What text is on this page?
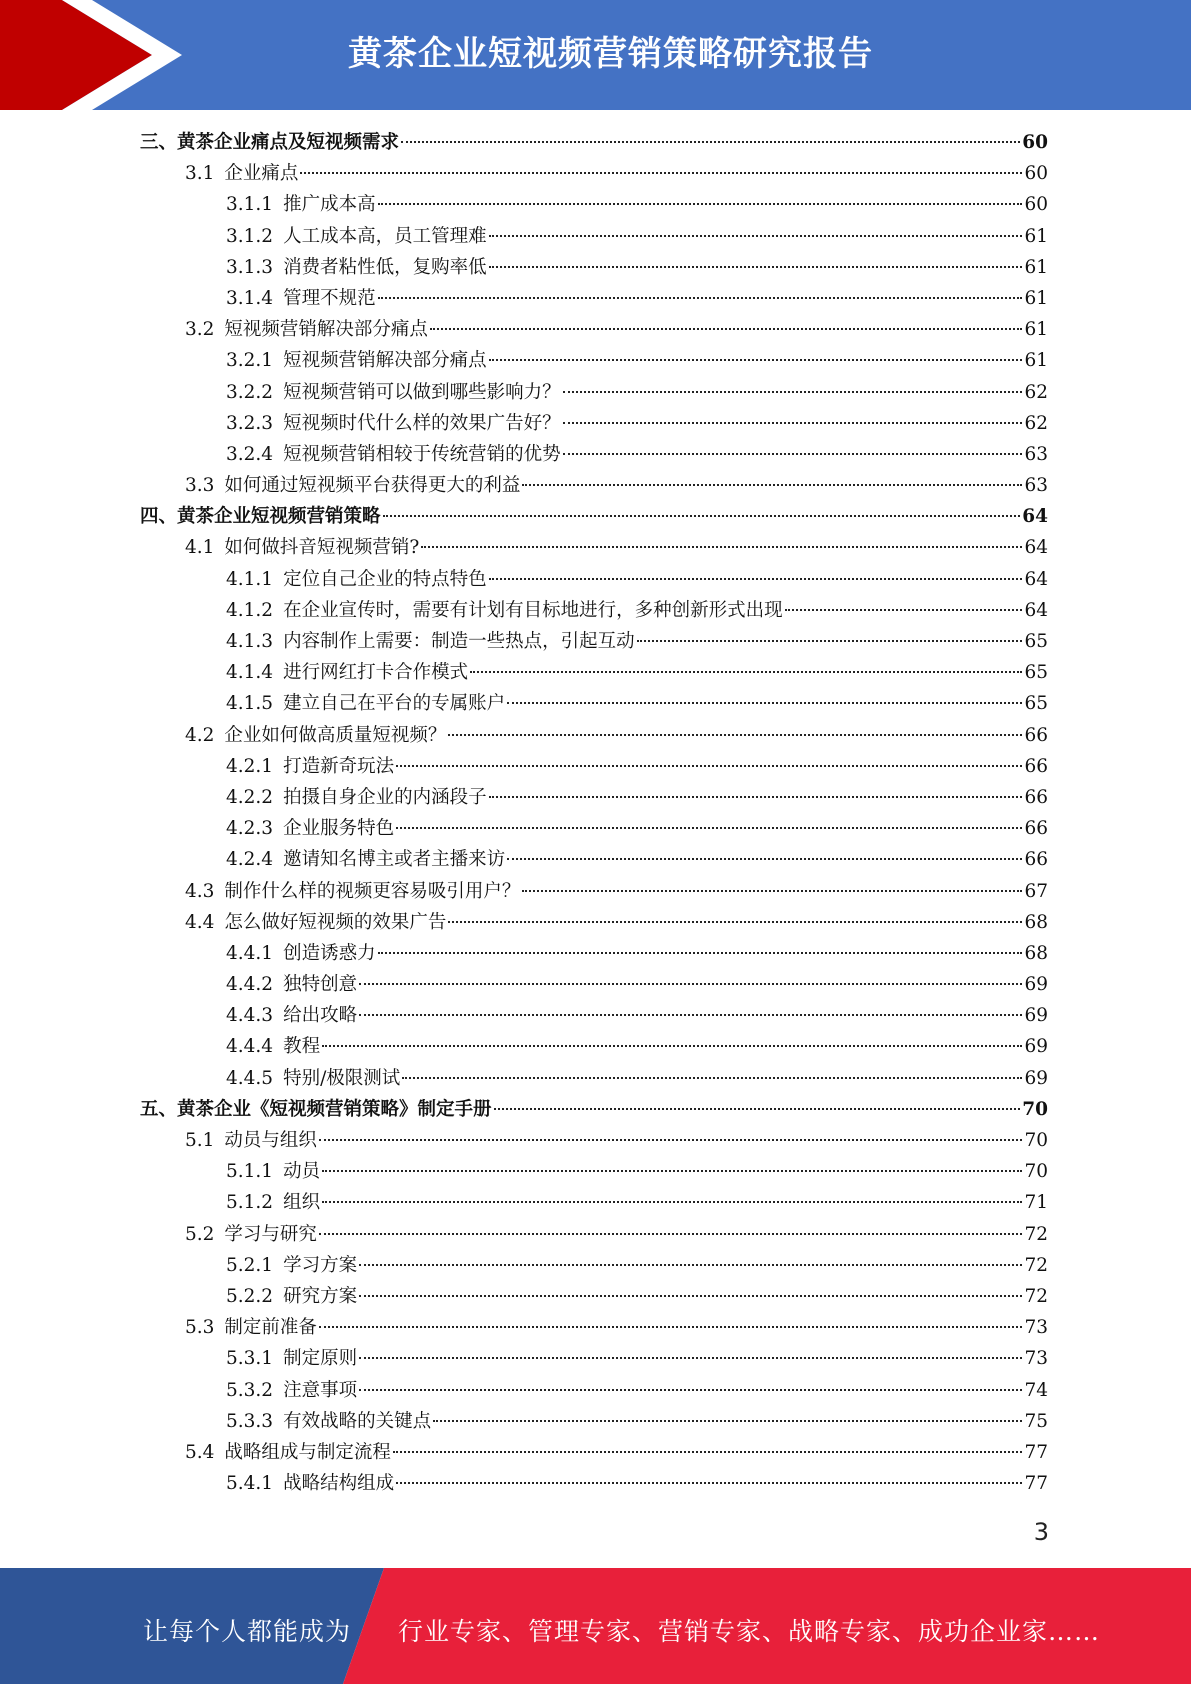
黄茶企业短视频营销策略研究报告
三、黄茶企业痛点及短视频需求	60
3.1 企业痛点	60
3.1.1 推广成本高	60
3.1.2 人工成本高，员工管理难	61
3.1.3 消费者粘性低，复购率低	61
3.1.4 管理不规范	61
3.2 短视频营销解决部分痛点	61
3.2.1 短视频营销解决部分痛点	61
3.2.2 短视频营销可以做到哪些影响力？	62
3.2.3 短视频时代什么样的效果广告好？	62
3.2.4 短视频营销相较于传统营销的优势	63
3.3 如何通过短视频平台获得更大的利益	63
四、黄茶企业短视频营销策略	64
4.1 如何做抖音短视频营销?	64
4.1.1 定位自己企业的特点特色	64
4.1.2 在企业宣传时，需要有计划有目标地进行，多种创新形式出现	64
4.1.3 内容制作上需要：制造一些热点，引起互动	65
4.1.4 进行网红打卡合作模式	65
4.1.5 建立自己在平台的专属账户	65
4.2 企业如何做高质量短视频？	66
4.2.1 打造新奇玩法	66
4.2.2 拍摄自身企业的内涵段子	66
4.2.3 企业服务特色	66
4.2.4 邀请知名博主或者主播来访	66
4.3 制作什么样的视频更容易吸引用户？	67
4.4 怎么做好短视频的效果广告	68
4.4.1 创造诱惑力	68
4.4.2 独特创意	69
4.4.3 给出攻略	69
4.4.4 教程	69
4.4.5 特别/极限测试	69
五、黄茶企业《短视频营销策略》制定手册	70
5.1 动员与组织	70
5.1.1 动员	70
5.1.2 组织	71
5.2 学习与研究	72
5.2.1 学习方案	72
5.2.2 研究方案	72
5.3 制定前准备	73
5.3.1 制定原则	73
5.3.2 注意事项	74
5.3.3 有效战略的关键点	75
5.4 战略组成与制定流程	77
5.4.1 战略结构组成	77
3
让每个人都能成为 行业专家、管理专家、营销专家、战略专家、成功企业家……
